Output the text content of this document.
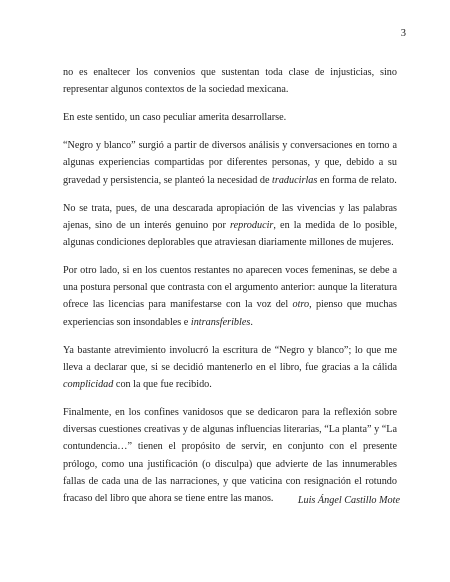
3

no es enaltecer los convenios que sustentan toda clase de injusticias, sino representar algunos contextos de la sociedad mexicana.

En este sentido, un caso peculiar amerita desarrollarse.

“Negro y blanco” surgió a partir de diversos análisis y conversaciones en torno a algunas experiencias compartidas por diferentes personas, y que, debido a su gravedad y persistencia, se planteó la necesidad de traducirlas en forma de relato.

No se trata, pues, de una descarada apropiación de las vivencias y las palabras ajenas, sino de un interés genuino por reproducir, en la medida de lo posible, algunas condiciones deplorables que atraviesan diariamente millones de mujeres.

Por otro lado, si en los cuentos restantes no aparecen voces femeninas, se debe a una postura personal que contrasta con el argumento anterior: aunque la literatura ofrece las licencias para manifestarse con la voz del otro, pienso que muchas experiencias son insondables e intransferibles.

Ya bastante atrevimiento involucró la escritura de “Negro y blanco”; lo que me lleva a declarar que, si se decidió mantenerlo en el libro, fue gracias a la cálida complicidad con la que fue recibido.

Finalmente, en los confines vanidosos que se dedicaron para la reflexión sobre diversas cuestiones creativas y de algunas influencias literarias, “La planta” y “La contundencia…” tienen el propósito de servir, en conjunto con el presente prólogo, como una justificación (o disculpa) que advierte de las innumerables fallas de cada una de las narraciones, y que vaticina con resignación el rotundo fracaso del libro que ahora se tiene entre las manos.	Luis Ángel Castillo Mote
